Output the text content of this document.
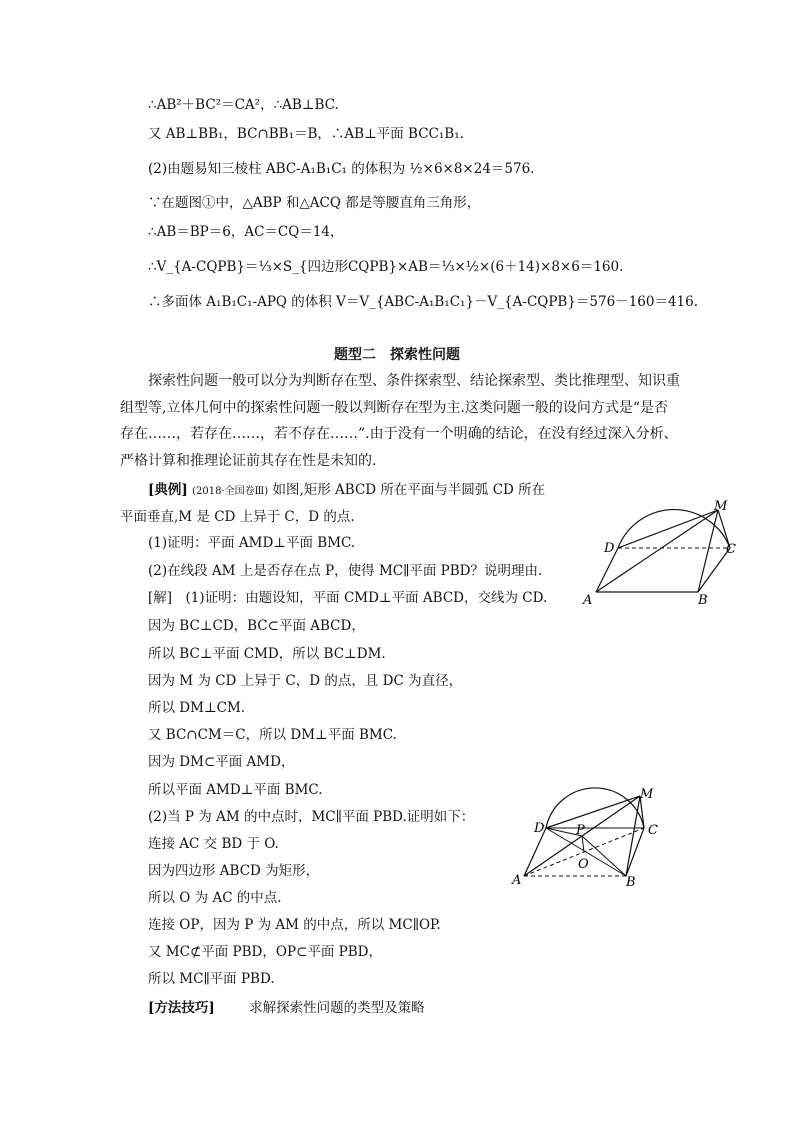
∴AB²＋BC²＝CA²，∴AB⊥BC.
又 AB⊥BB₁，BC∩BB₁＝B，∴AB⊥平面 BCC₁B₁.
(2)由题易知三棱柱 ABC-A₁B₁C₁ 的体积为 ½×6×8×24＝576.
∵在题图①中，△ABP 和△ACQ 都是等腰直角三角形，
∴AB＝BP＝6，AC＝CQ＝14，
∴V_{A-CQPB}＝⅓×S_{四边形CQPB}×AB＝⅓×½×(6＋14)×8×6＝160.
∴多面体 A₁B₁C₁-APQ 的体积 V＝V_{ABC-A₁B₁C₁}－V_{A-CQPB}＝576－160＝416.
题型二　探索性问题
探索性问题一般可以分为判断存在型、条件探索型、结论探索型、类比推理型、知识重组型等,立体几何中的探索性问题一般以判断存在型为主.这类问题一般的设问方式是“是否存在……，若存在……，若不存在……”.由于没有一个明确的结论，在没有经过深入分析、严格计算和推理论证前其存在性是未知的.
[典例] (2018·全国卷Ⅲ) 如图,矩形 ABCD 所在平面与半圆弧 CD 所在
平面垂直,M 是 CD 上异于 C，D 的点.
(1)证明：平面 AMD⊥平面 BMC.
(2)在线段 AM 上是否存在点 P，使得 MC∥平面 PBD？说明理由.
[解]　(1)证明：由题设知，平面 CMD⊥平面 ABCD，交线为 CD.
因为 BC⊥CD，BC⊂平面 ABCD，
所以 BC⊥平面 CMD，所以 BC⊥DM.
因为 M 为 CD 上异于 C，D 的点，且 DC 为直径，
所以 DM⊥CM.
又 BC∩CM＝C，所以 DM⊥平面 BMC.
因为 DM⊂平面 AMD，
所以平面 AMD⊥平面 BMC.
(2)当 P 为 AM 的中点时，MC∥平面 PBD.证明如下：
连接 AC 交 BD 于 O.
因为四边形 ABCD 为矩形，
所以 O 为 AC 的中点.
连接 OP，因为 P 为 AM 的中点，所以 MC∥OP.
又 MC⊄平面 PBD，OP⊂平面 PBD，
所以 MC∥平面 PBD.
[方法技巧]	求解探索性问题的类型及策略
M
D	C
A	B
M
D P	C
O
A	B
